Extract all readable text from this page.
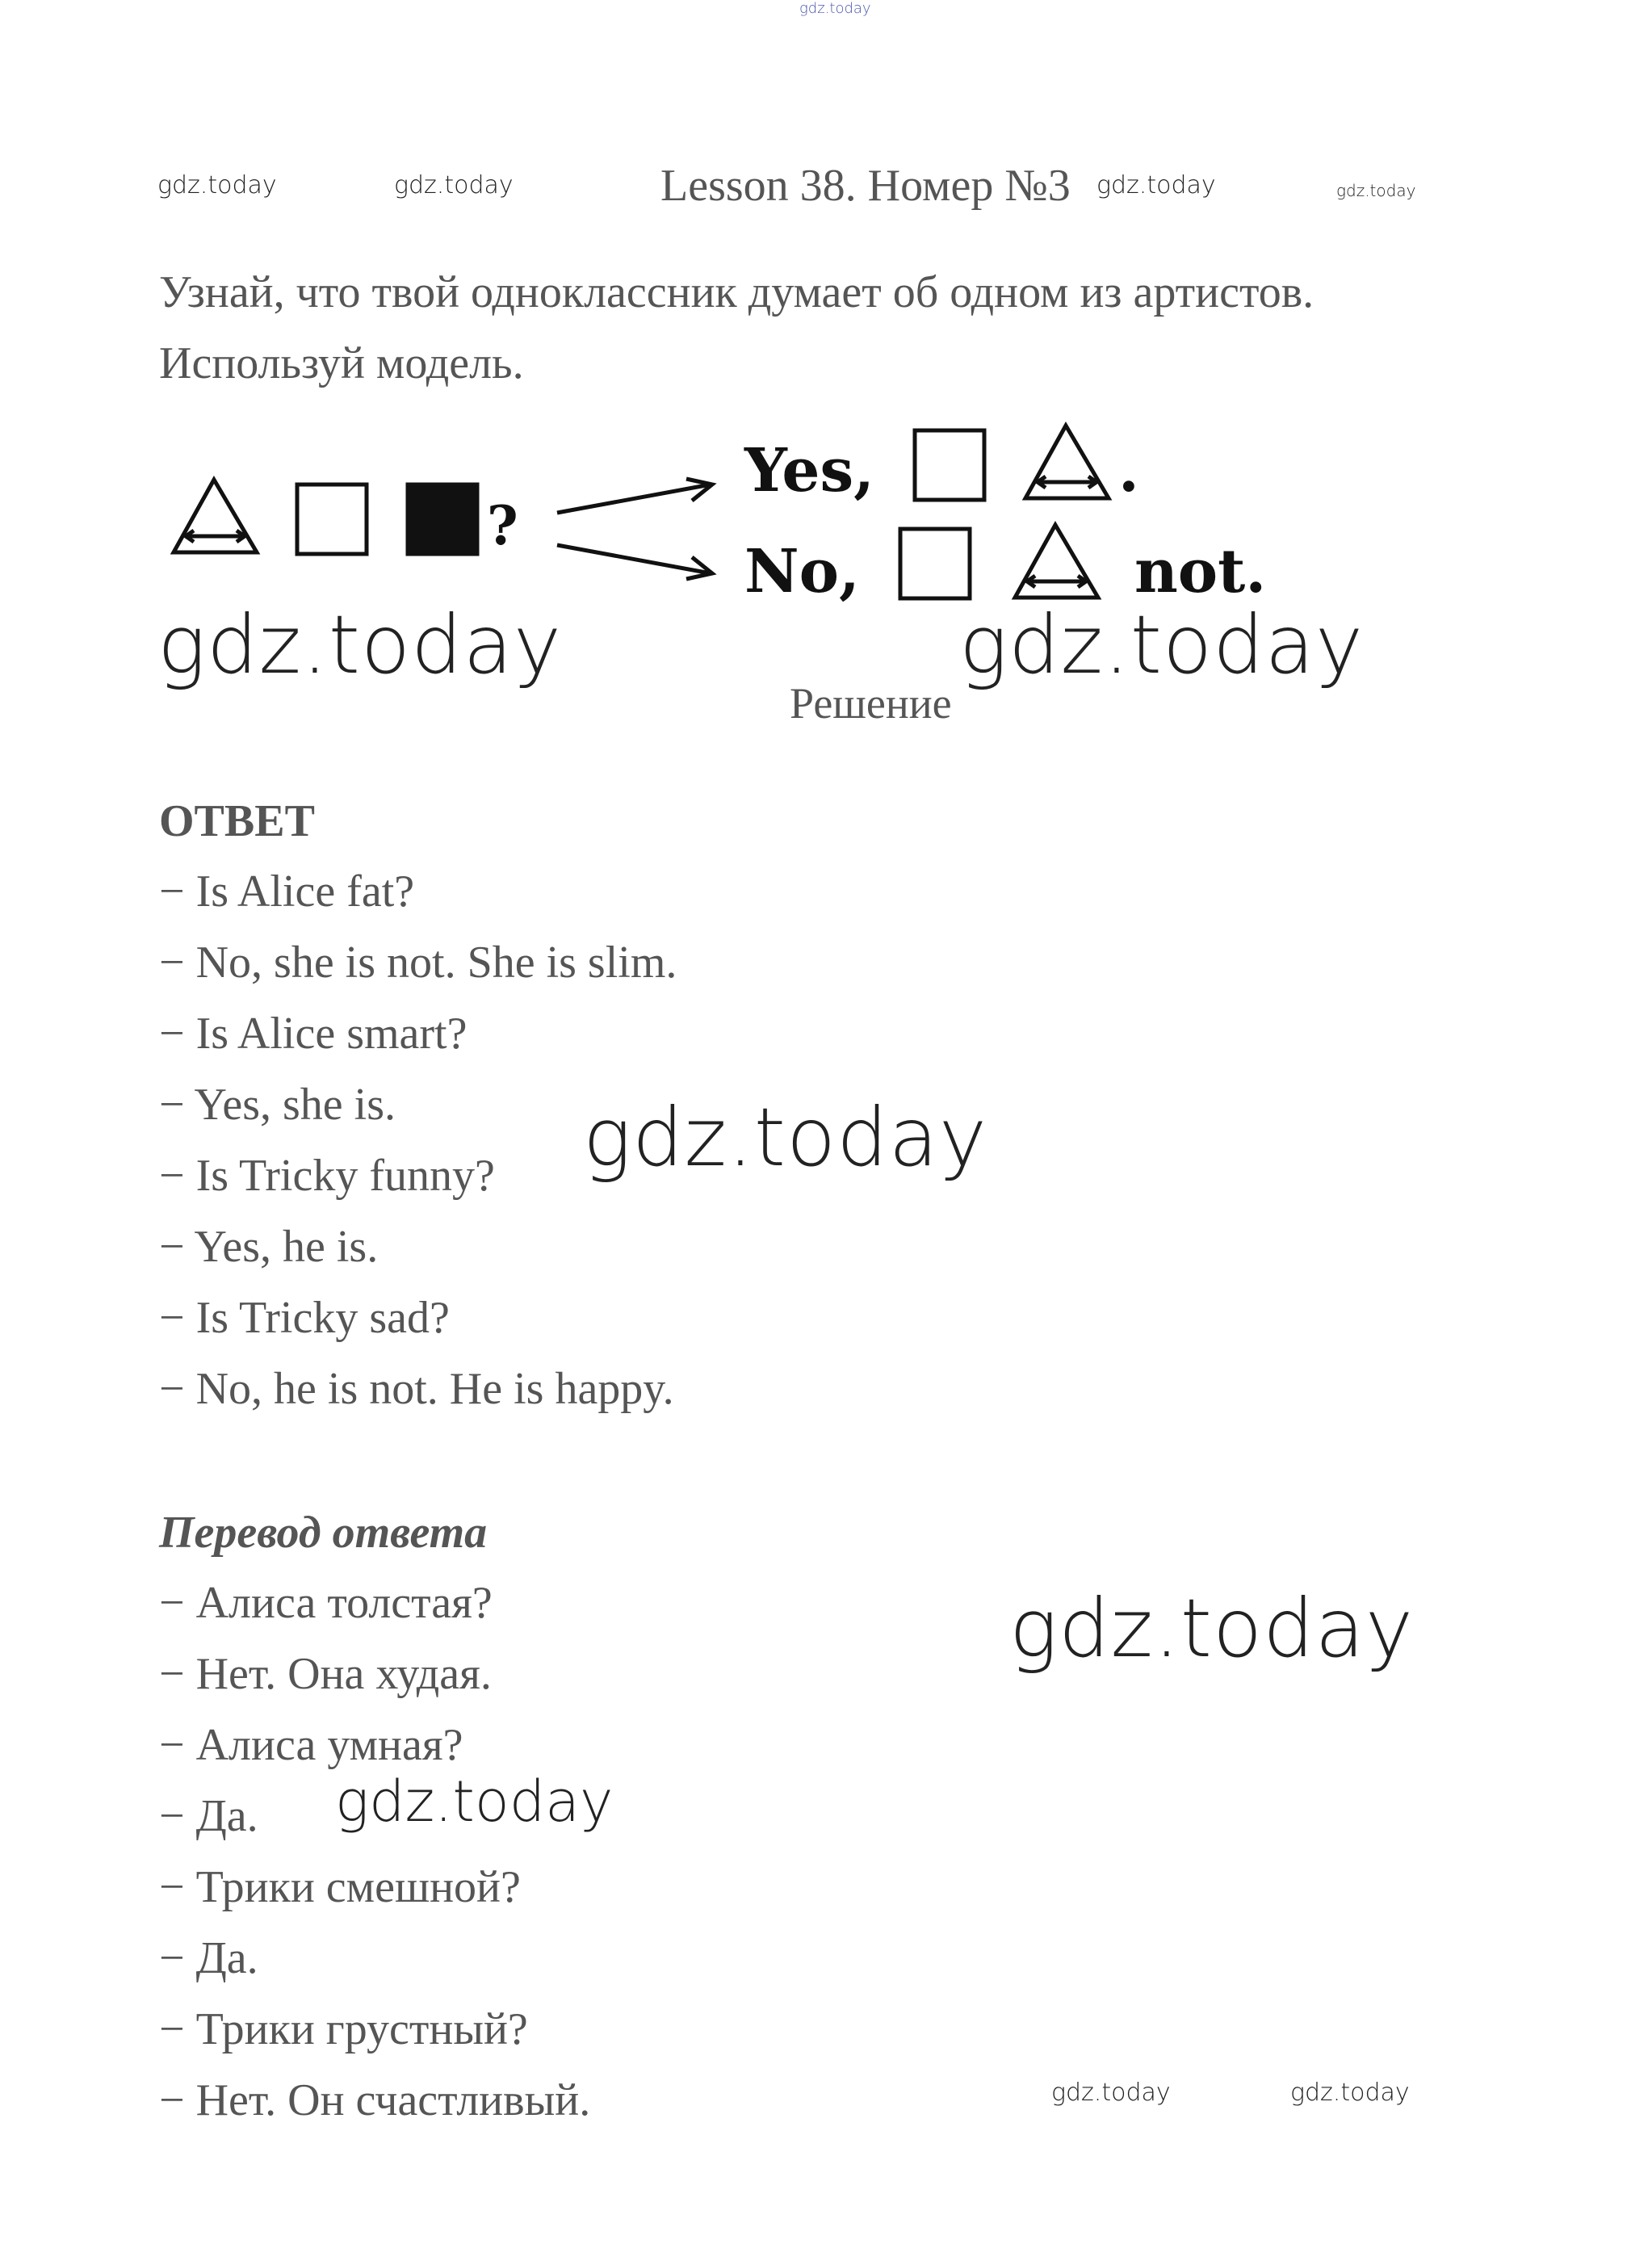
gdz.today
gdz.today	gdz.today	gdz.today	gdz.today
gdz.today	gdz.today
gdz.today
gdz.today
gdz.today
gdz.today	gdz.today
Lesson 38. Номер №3
Узнай, что твой одноклассник думает об одном из артистов.
Используй модель.
?
Yes,	.
No,	not.
Решение
ОТВЕТ
− Is Alice fat?
− No, she is not. She is slim.
− Is Alice smart?
− Yes, she is.
− Is Tricky funny?
− Yes, he is.
− Is Tricky sad?
− No, he is not. He is happy.
Перевод ответа
− Алиса толстая?
− Нет. Она худая.
− Алиса умная?
− Да.
− Трики смешной?
− Да.
− Трики грустный?
− Нет. Он счастливый.
